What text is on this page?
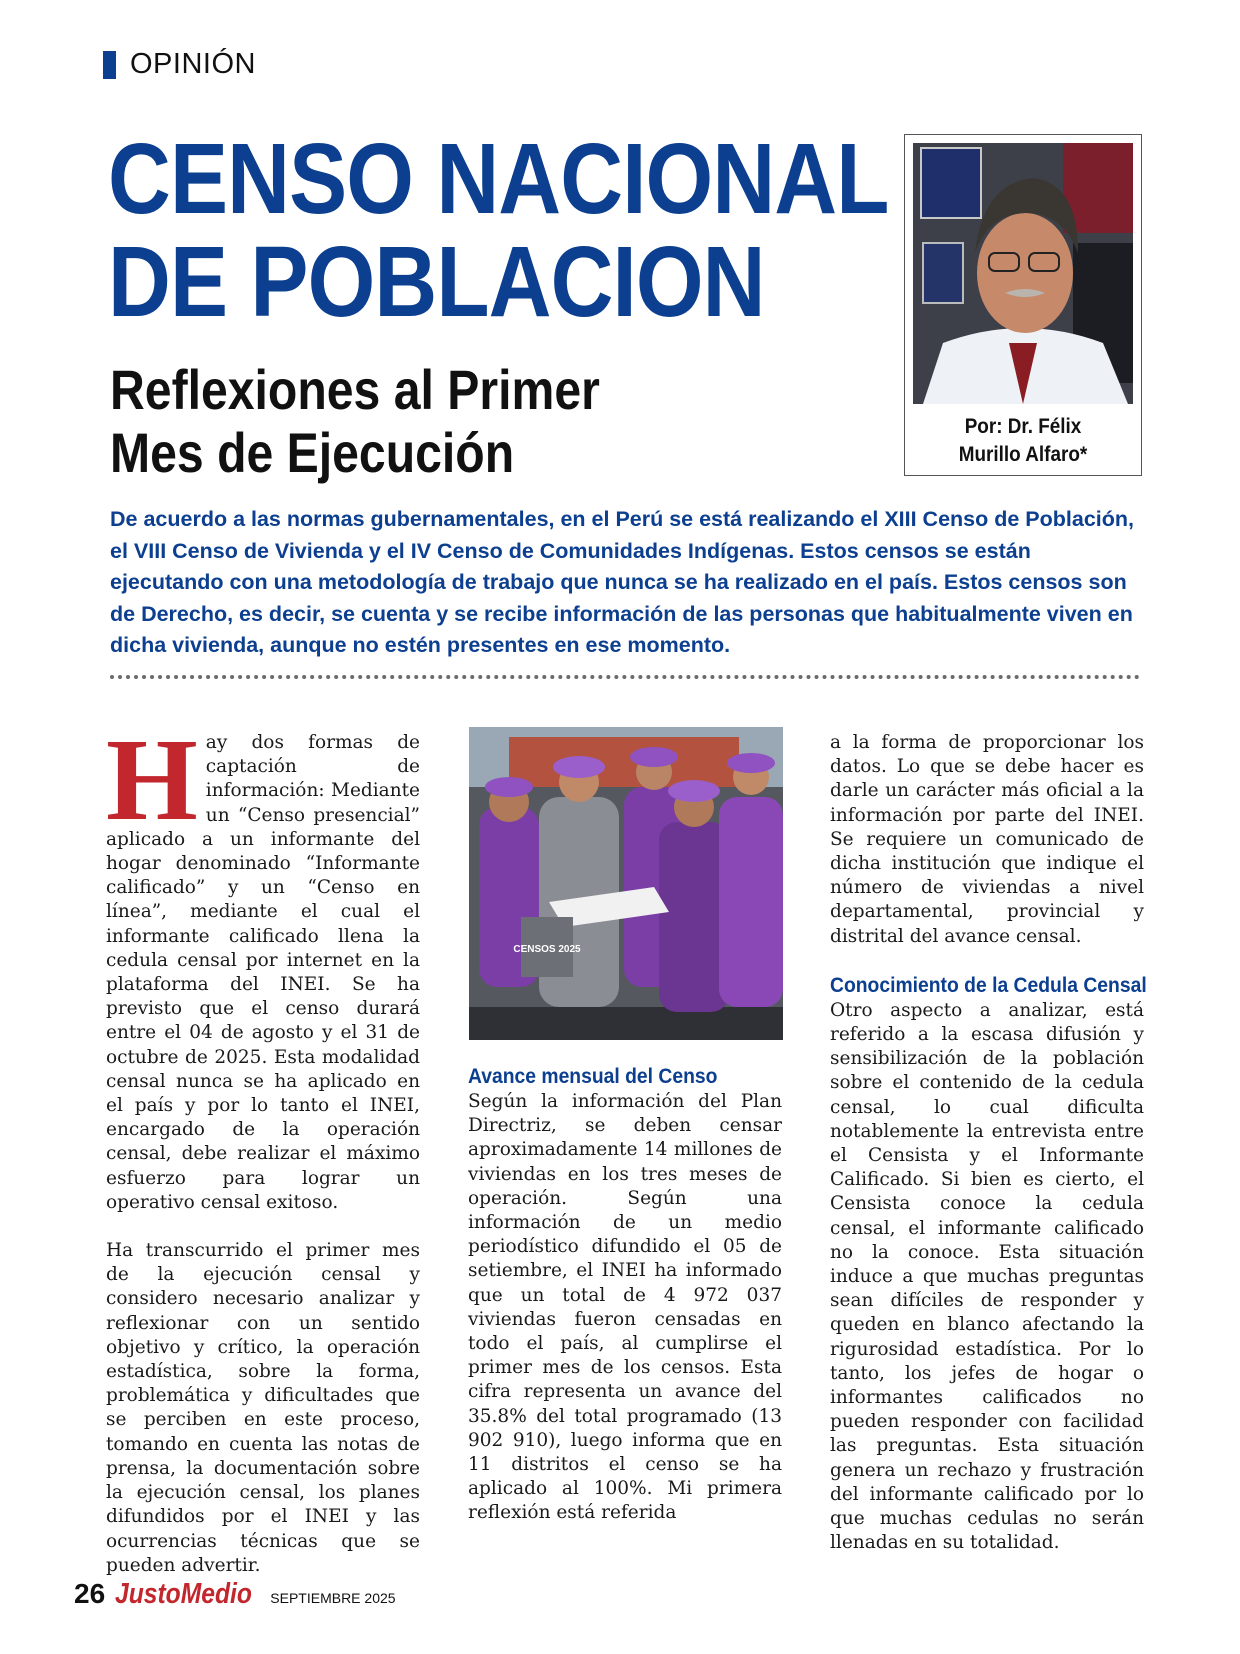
OPINIÓN
CENSO NACIONAL
DE POBLACION
Reflexiones al Primer
Mes de Ejecución	Por: Dr. Félix
Murillo Alfaro*

De acuerdo a las normas gubernamentales, en el Perú se está realizando el XIII Censo de Población, el VIII Censo de Vivienda y el IV Censo de Comunidades Indígenas. Estos censos se están ejecutando con una metodología de trabajo que nunca se ha realizado en el país. Estos censos son de Derecho, es decir, se cuenta y se recibe información de las personas que habitualmente viven en dicha vivienda, aunque no estén presentes en ese momento.

Hay dos formas de captación de información: Mediante un “Censo presencial” aplicado a un informante del hogar denominado “Informante calificado” y un “Censo en línea”, mediante el cual el informante calificado llena la cedula censal por internet en la plataforma del INEI. Se ha previsto que el censo durará entre el 04 de agosto y el 31 de octubre de 2025. Esta modalidad censal nunca se ha aplicado en el país y por lo tanto el INEI, encargado de la operación censal, debe realizar el máximo esfuerzo para lograr un operativo censal exitoso.

Ha transcurrido el primer mes de la ejecución censal y considero necesario analizar y reflexionar con un sentido objetivo y crítico, la operación estadística, sobre la forma, problemática y dificultades que se perciben en este proceso, tomando en cuenta las notas de prensa, la documentación sobre la ejecución censal, los planes difundidos por el INEI y las ocurrencias técnicas que se pueden advertir.

CENSOS 2025

Avance mensual del Censo

Según la información del Plan Directriz, se deben censar aproximadamente 14 millones de viviendas en los tres meses de operación. Según una información de un medio periodístico difundido el 05 de setiembre, el INEI ha informado que un total de 4 972 037 viviendas fueron censadas en todo el país, al cumplirse el primer mes de los censos. Esta cifra representa un avance del 35.8% del total programado (13 902 910), luego informa que en 11 distritos el censo se ha aplicado al 100%. Mi primera reflexión está referida

a la forma de proporcionar los datos. Lo que se debe hacer es darle un carácter más oficial a la información por parte del INEI. Se requiere un comunicado de dicha institución que indique el número de viviendas a nivel departamental, provincial y distrital del avance censal.

Conocimiento de la Cedula Censal

Otro aspecto a analizar, está referido a la escasa difusión y sensibilización de la población sobre el contenido de la cedula censal, lo cual dificulta notablemente la entrevista entre el Censista y el Informante Calificado. Si bien es cierto, el Censista conoce la cedula censal, el informante calificado no la conoce. Esta situación induce a que muchas preguntas sean difíciles de responder y queden en blanco afectando la rigurosidad estadística. Por lo tanto, los jefes de hogar o informantes calificados no pueden responder con facilidad las preguntas. Esta situación genera un rechazo y frustración del informante calificado por lo que muchas cedulas no serán llenadas en su totalidad.

26 JustoMedio SEPTIEMBRE 2025
